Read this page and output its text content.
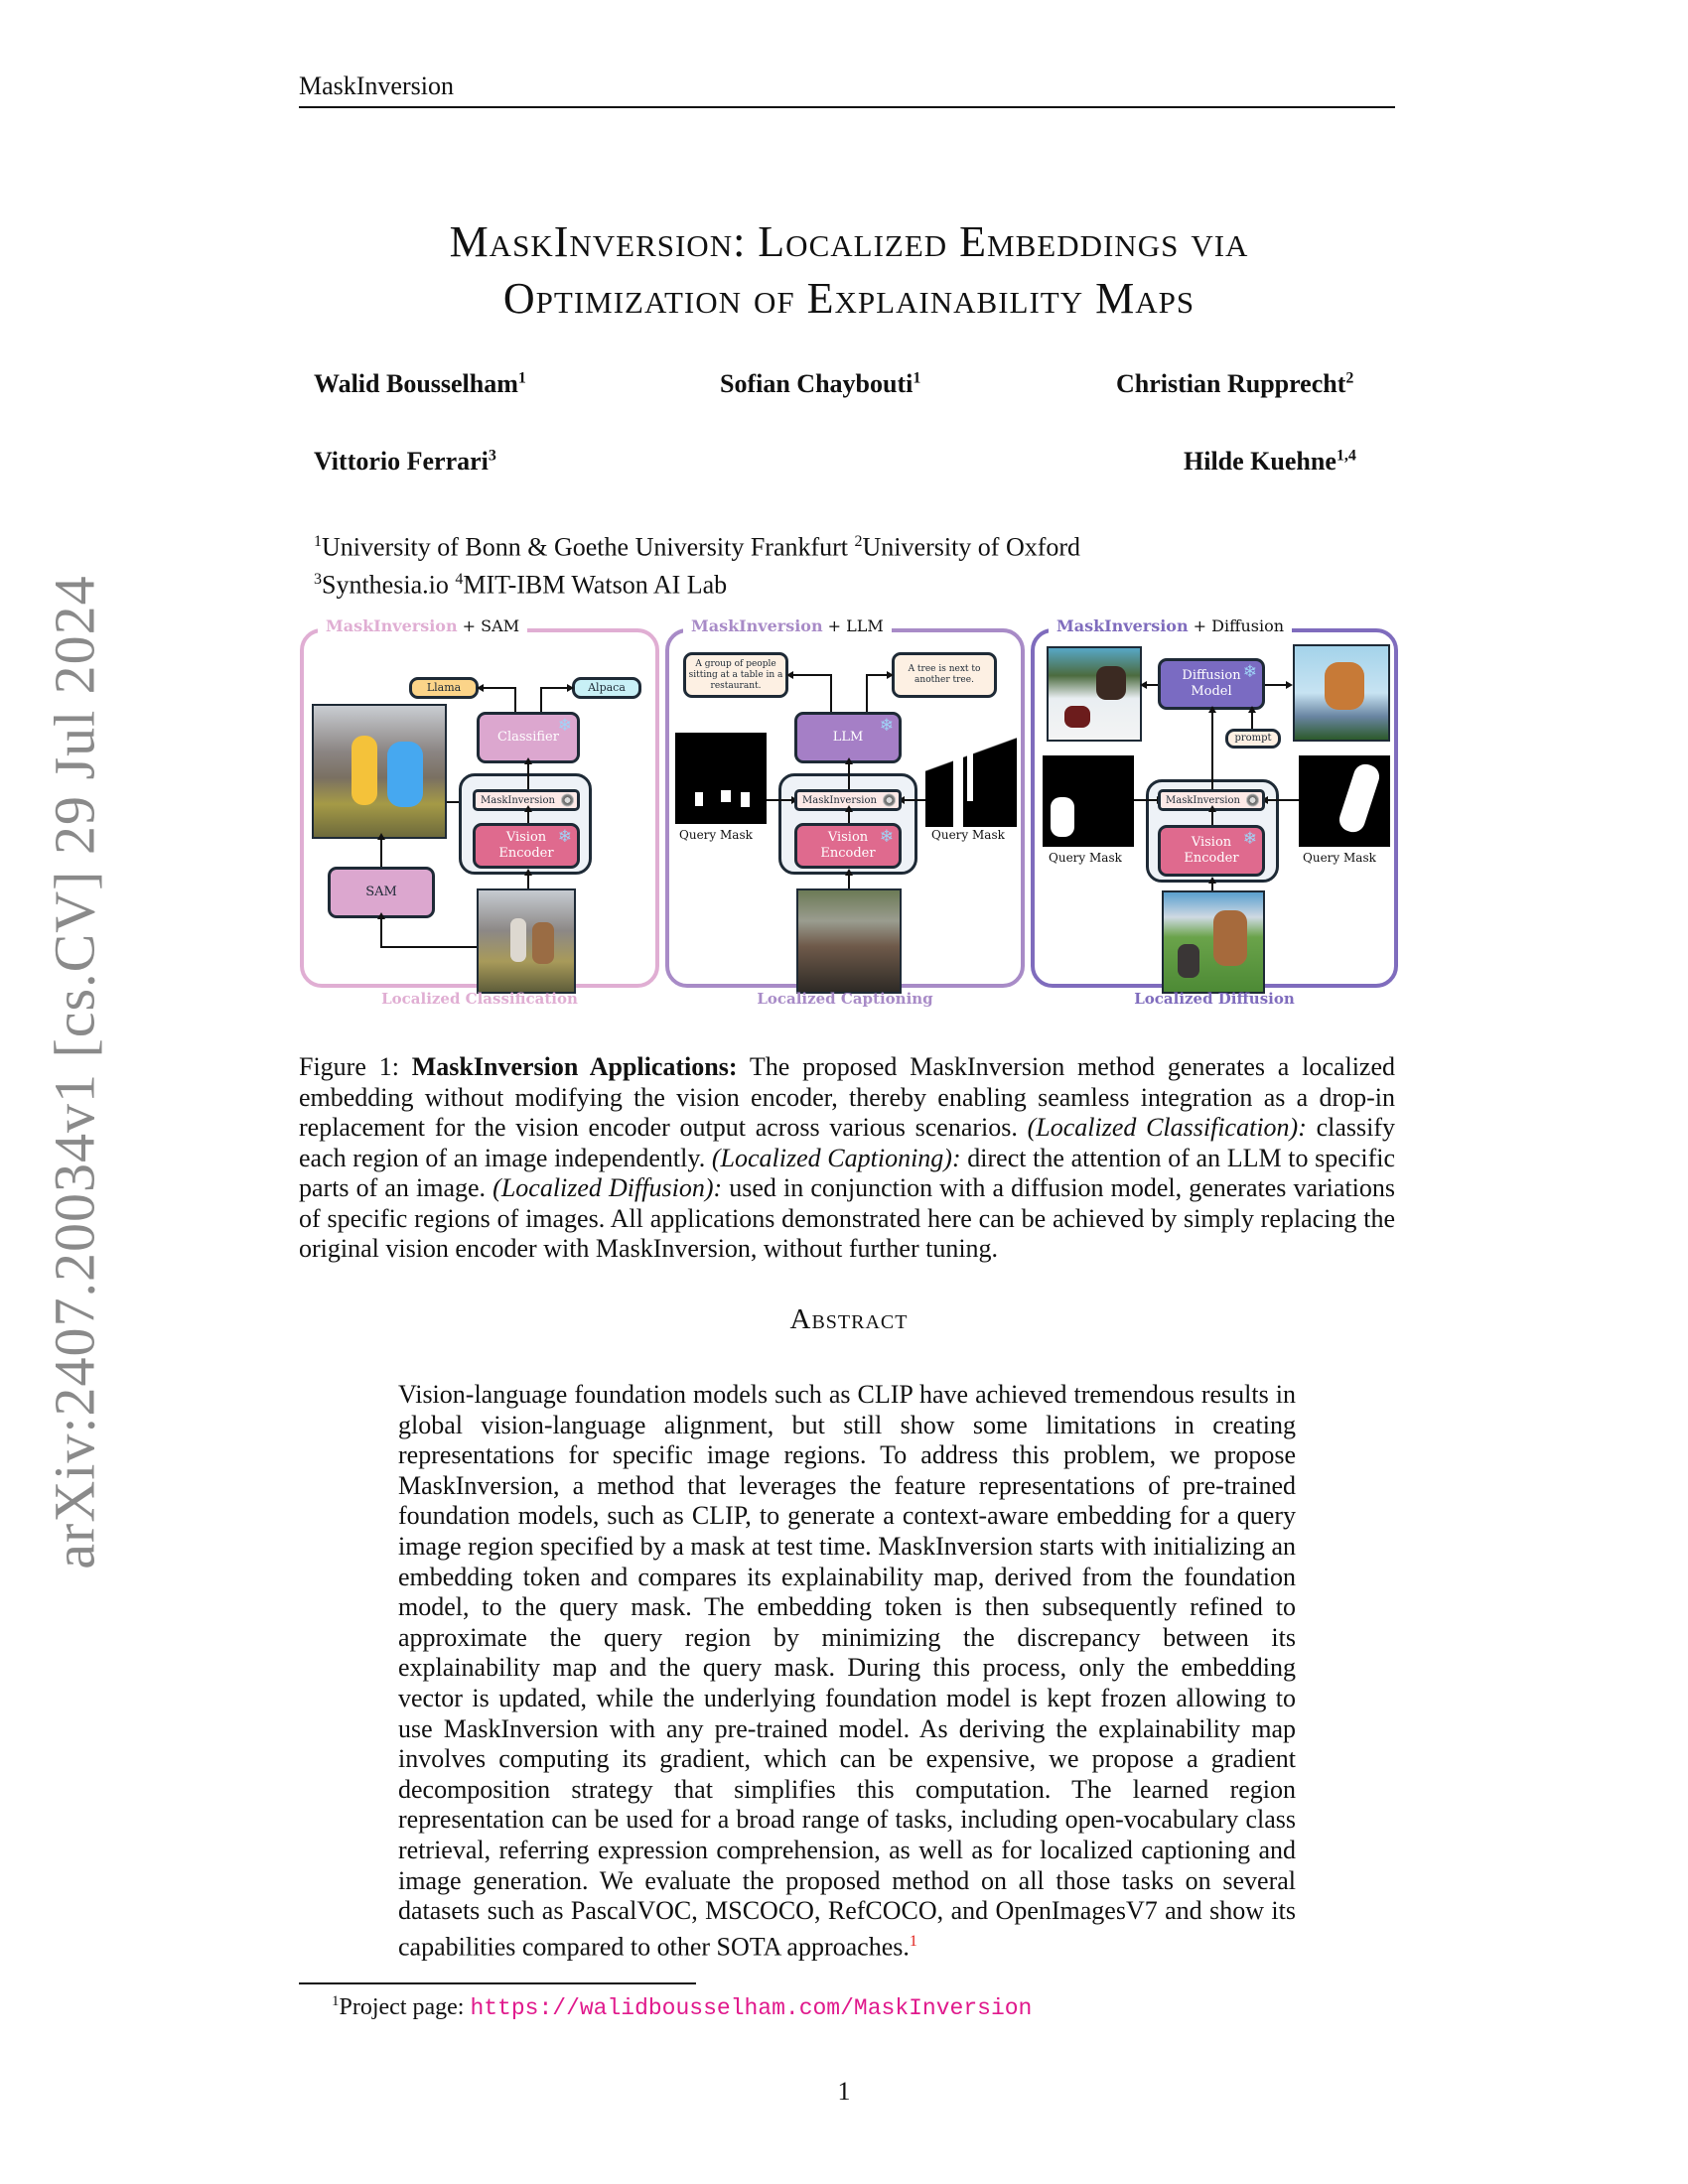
arXiv:2407.20034v1 [cs.CV] 29 Jul 2024
MaskInversion
MaskInversion: Localized Embeddings via
Optimization of Explainability Maps
Walid Bousselham$^1$	Sofian Chaybouti$^1$	Christian Rupprecht$^2$
Vittorio Ferrari$^3$	Hilde Kuehne$^{1,4}$
$^1$University of Bonn & Goethe University Frankfurt $^2$University of Oxford
$^3$Synthesia.io $^4$MIT-IBM Watson AI Lab
MaskInversion + SAM
Llama	Alpaca
Classifier
❄
MaskInversion
Vision
Encoder
❄
SAM
Localized Classification
MaskInversion + LLM
A group of people sitting at a table in a restaurant.
A tree is next to another tree.
LLM
❄
Query Mask	Query Mask
MaskInversion
Vision
Encoder
❄
Localized Captioning
MaskInversion + Diffusion
Diffusion
Model
❄
prompt
Query Mask	Query Mask
MaskInversion
Vision
Encoder
❄
Localized Diffusion
Figure 1: MaskInversion Applications: The proposed MaskInversion method generates a localized embedding without modifying the vision encoder, thereby enabling seamless integration as a drop-in replacement for the vision encoder output across various scenarios. (Localized Classification): classify each region of an image independently. (Localized Captioning): direct the attention of an LLM to specific parts of an image. (Localized Diffusion): used in conjunction with a diffusion model, generates variations of specific regions of images. All applications demonstrated here can be achieved by simply replacing the original vision encoder with MaskInversion, without further tuning.
Abstract
Vision-language foundation models such as CLIP have achieved tremendous results in global vision-language alignment, but still show some limitations in creating representations for specific image regions. To address this problem, we propose MaskInversion, a method that leverages the feature representations of pre-trained foundation models, such as CLIP, to generate a context-aware embedding for a query image region specified by a mask at test time. MaskInversion starts with initializing an embedding token and compares its explainability map, derived from the foundation model, to the query mask. The embedding token is then subsequently refined to approximate the query region by minimizing the discrepancy between its explainability map and the query mask. During this process, only the embedding vector is updated, while the underlying foundation model is kept frozen allowing to use MaskInversion with any pre-trained model. As deriving the explainability map involves computing its gradient, which can be expensive, we propose a gradient decomposition strategy that simplifies this computation. The learned region representation can be used for a broad range of tasks, including open-vocabulary class retrieval, referring expression comprehension, as well as for localized captioning and image generation. We evaluate the proposed method on all those tasks on several datasets such as PascalVOC, MSCOCO, RefCOCO, and OpenImagesV7 and show its capabilities compared to other SOTA approaches.$^1$
$^1$Project page: https://walidbousselham.com/MaskInversion
1
